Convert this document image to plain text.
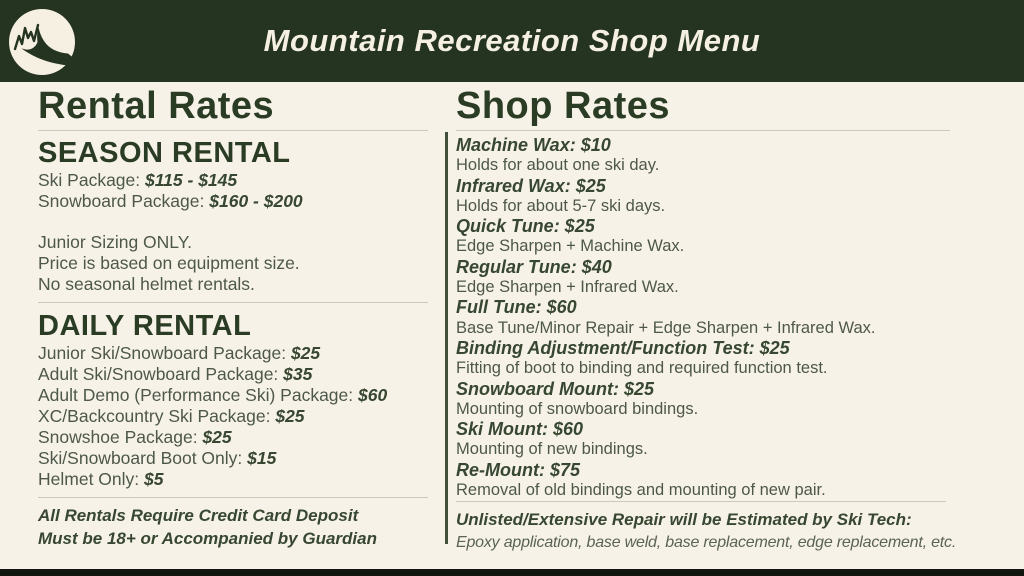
Mountain Recreation Shop Menu
Rental Rates
SEASON RENTAL
Ski Package: $115 - $145
Snowboard Package: $160 - $200
Junior Sizing ONLY.
Price is based on equipment size.
No seasonal helmet rentals.
DAILY RENTAL
Junior Ski/Snowboard Package: $25
Adult Ski/Snowboard Package: $35
Adult Demo (Performance Ski) Package: $60
XC/Backcountry Ski Package: $25
Snowshoe Package: $25
Ski/Snowboard Boot Only: $15
Helmet Only: $5
All Rentals Require Credit Card Deposit
Must be 18+ or Accompanied by Guardian
Shop Rates
Machine Wax: $10
Holds for about one ski day.
Infrared Wax: $25
Holds for about 5-7 ski days.
Quick Tune: $25
Edge Sharpen + Machine Wax.
Regular Tune: $40
Edge Sharpen + Infrared Wax.
Full Tune: $60
Base Tune/Minor Repair + Edge Sharpen + Infrared Wax.
Binding Adjustment/Function Test: $25
Fitting of boot to binding and required function test.
Snowboard Mount: $25
Mounting of snowboard bindings.
Ski Mount: $60
Mounting of new bindings.
Re-Mount: $75
Removal of old bindings and mounting of new pair.
Unlisted/Extensive Repair will be Estimated by Ski Tech:
Epoxy application, base weld, base replacement, edge replacement, etc.
